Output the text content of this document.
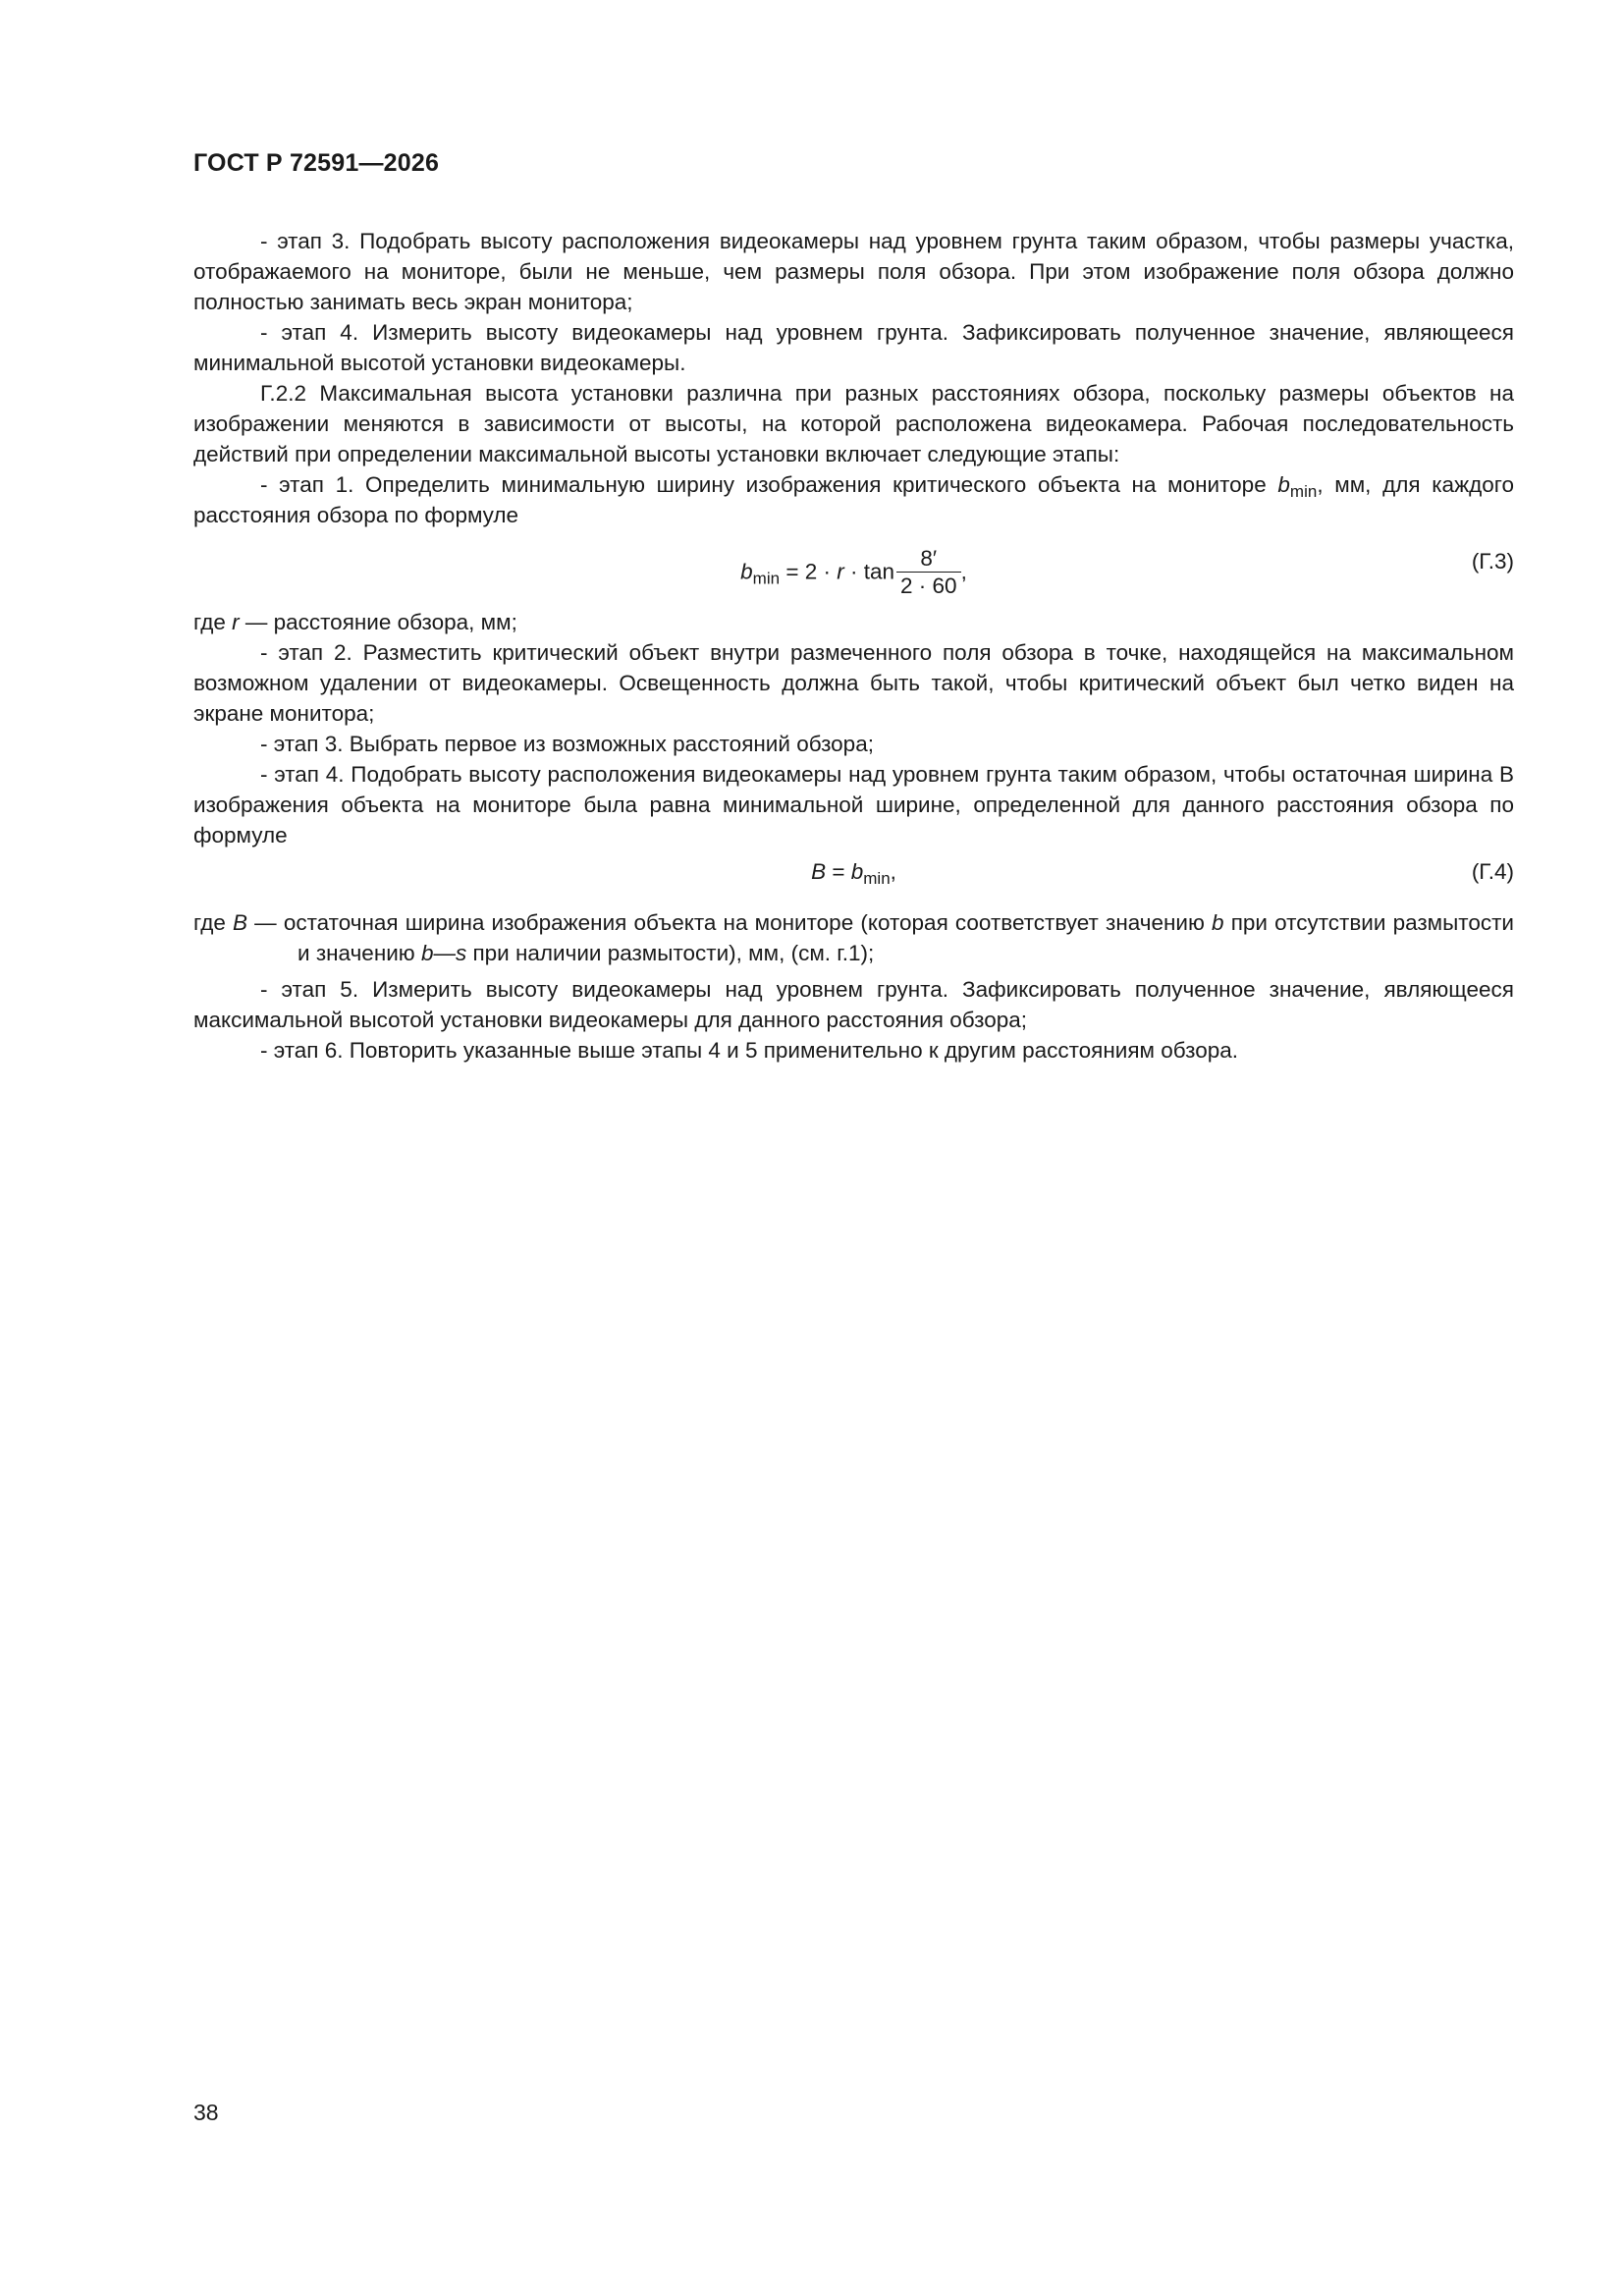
ГОСТ Р 72591—2026

- этап 3. Подобрать высоту расположения видеокамеры над уровнем грунта таким образом, чтобы размеры участка, отображаемого на мониторе, были не меньше, чем размеры поля обзора. При этом изображение поля обзора должно полностью занимать весь экран монитора;

- этап 4. Измерить высоту видеокамеры над уровнем грунта. Зафиксировать полученное значение, являющееся минимальной высотой установки видеокамеры.

Г.2.2 Максимальная высота установки различна при разных расстояниях обзора, поскольку размеры объектов на изображении меняются в зависимости от высоты, на которой расположена видеокамера. Рабочая последовательность действий при определении максимальной высоты установки включает следующие этапы:

- этап 1. Определить минимальную ширину изображения критического объекта на мониторе $b_{min}$, мм, для каждого расстояния обзора по формуле

$b_{min} = 2 \cdot r \cdot \tan \frac{8'}{2 \cdot 60}$ ,	(Г.3)

где r — расстояние обзора, мм;

- этап 2. Разместить критический объект внутри размеченного поля обзора в точке, находящейся на максимальном возможном удалении от видеокамеры. Освещенность должна быть такой, чтобы критический объект был четко виден на экране монитора;

- этап 3. Выбрать первое из возможных расстояний обзора;

- этап 4. Подобрать высоту расположения видеокамеры над уровнем грунта таким образом, чтобы остаточная ширина В изображения объекта на мониторе была равна минимальной ширине, определенной для данного расстояния обзора по формуле

$B = b_{min}$,	(Г.4)

где B — остаточная ширина изображения объекта на мониторе (которая соответствует значению b при отсутствии размытости и значению b—s при наличии размытости), мм, (см. г.1);

- этап 5. Измерить высоту видеокамеры над уровнем грунта. Зафиксировать полученное значение, являющееся максимальной высотой установки видеокамеры для данного расстояния обзора;

- этап 6. Повторить указанные выше этапы 4 и 5 применительно к другим расстояниям обзора.

38
